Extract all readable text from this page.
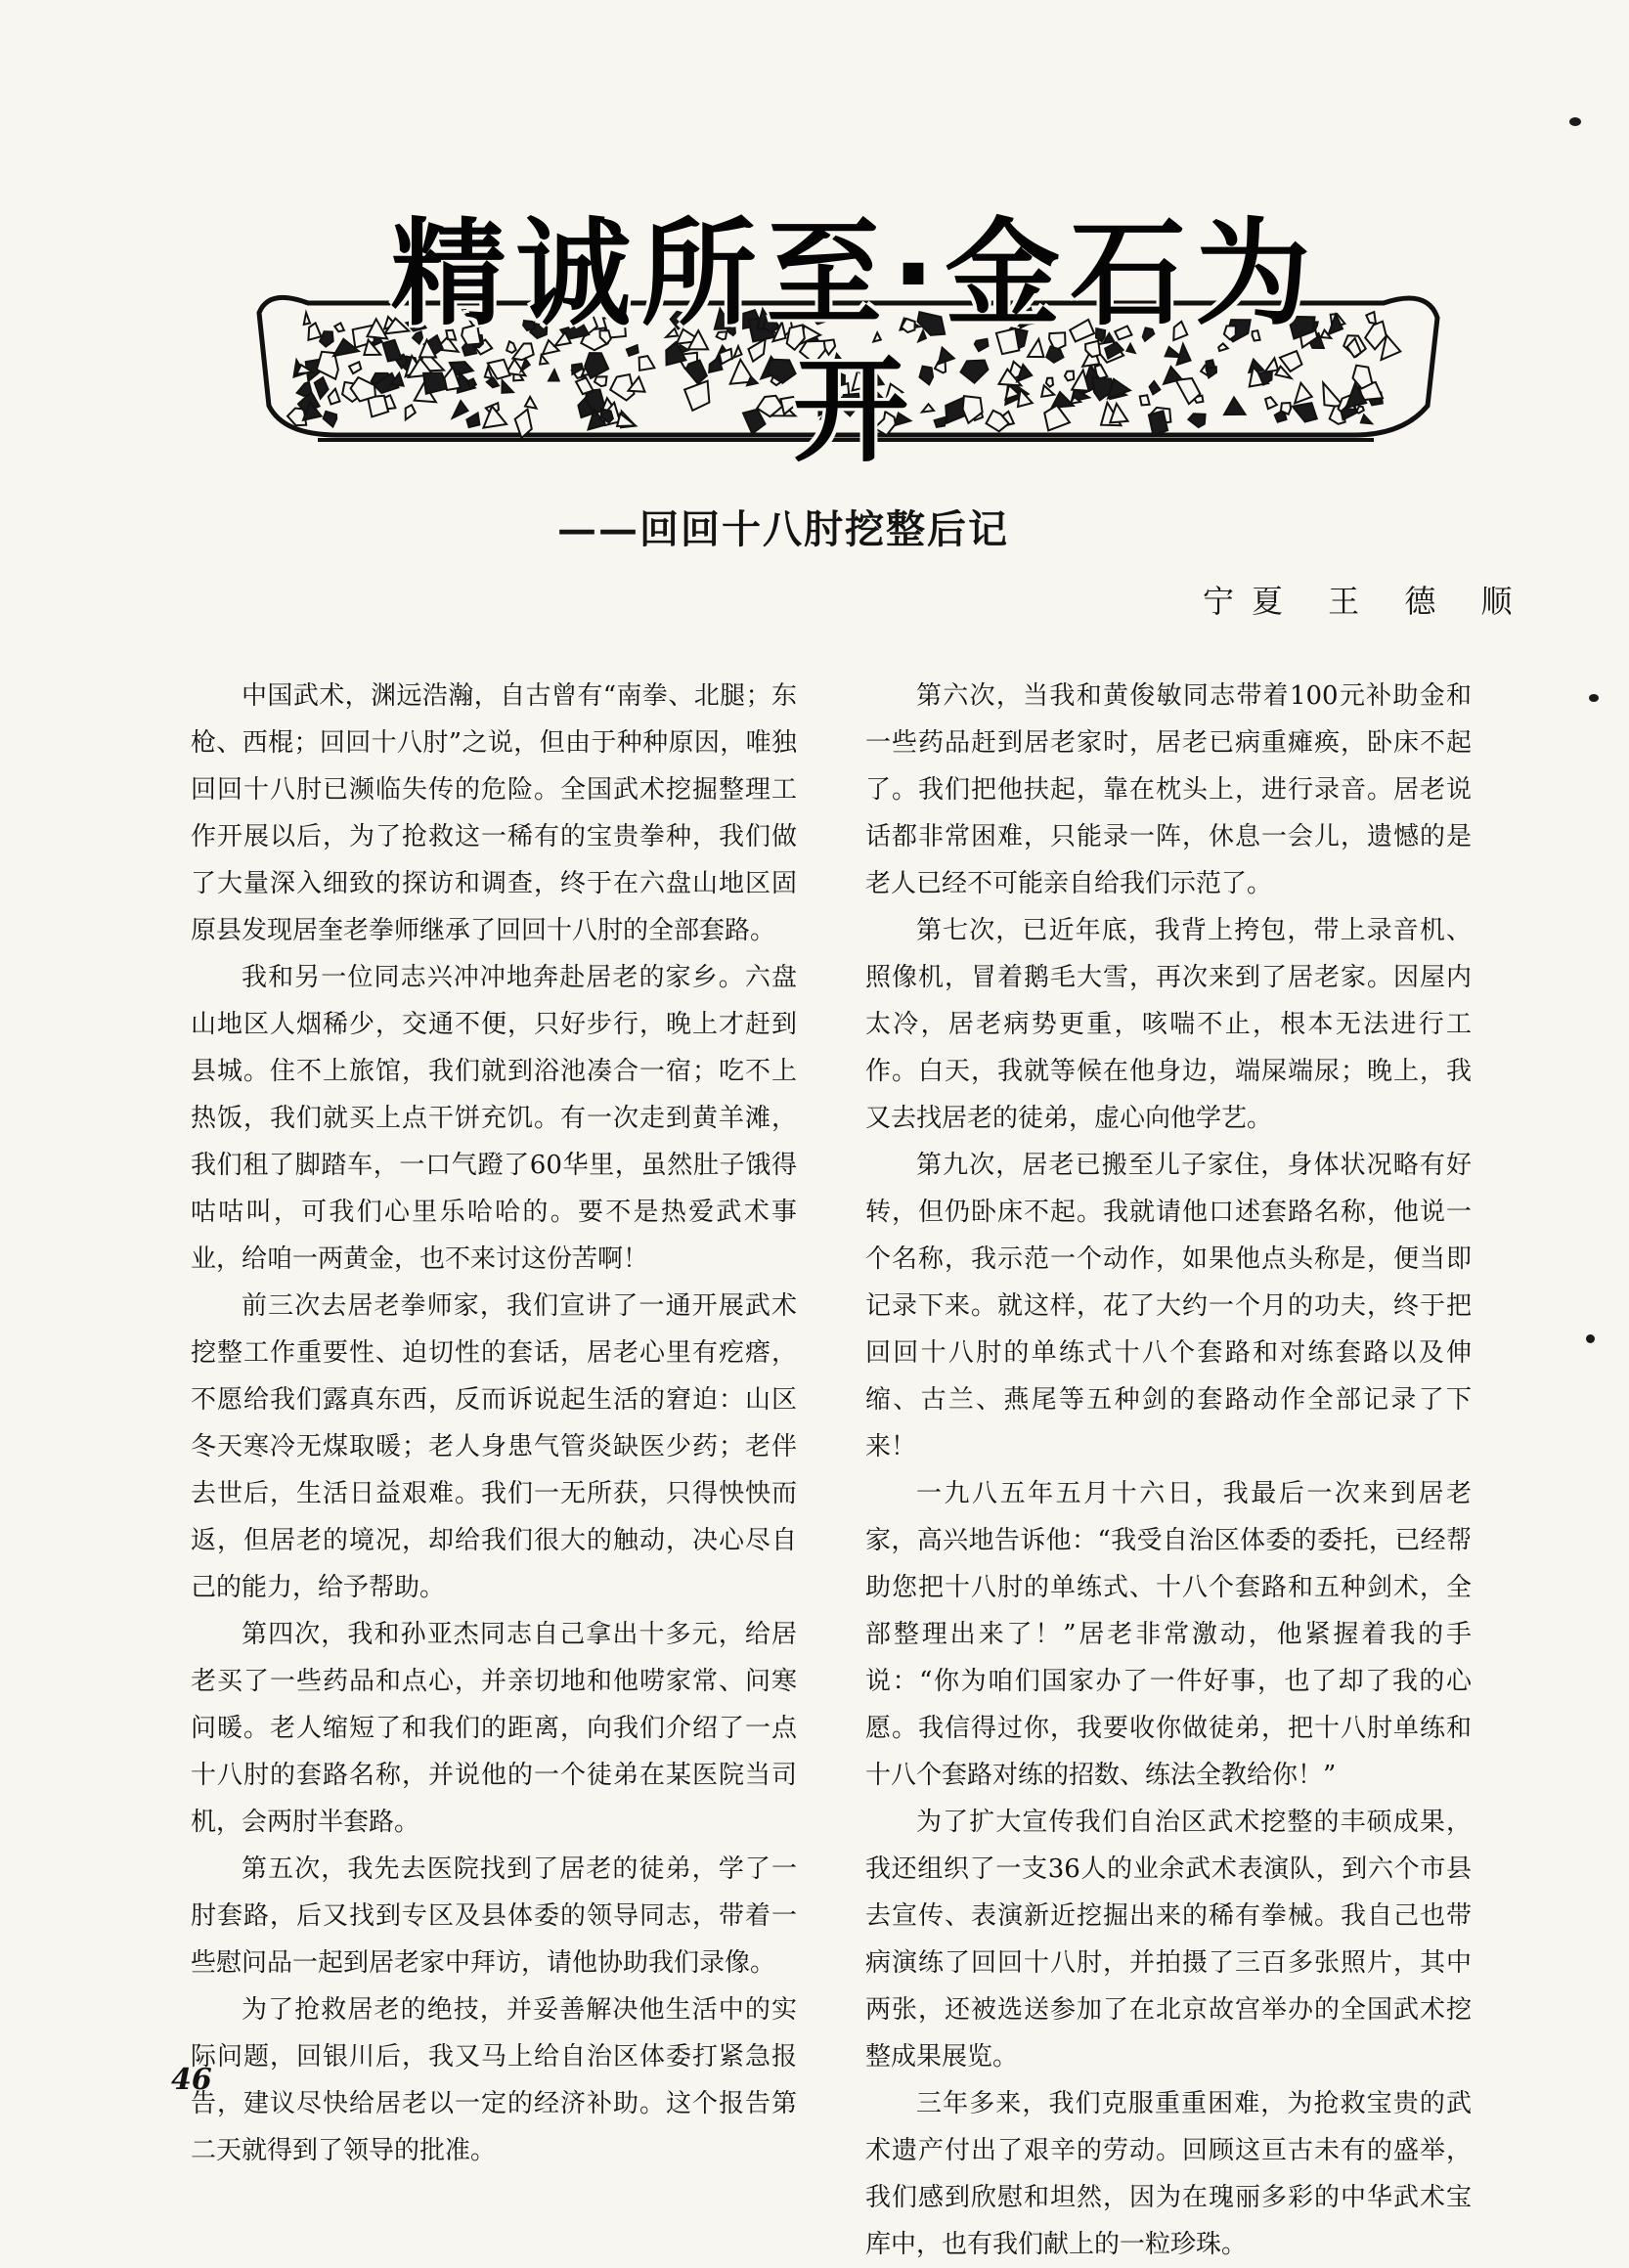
精诚所至·金石为开
——回回十八肘挖整后记
宁夏 王 德 顺

中国武术，渊远浩瀚，自古曾有“南拳、北腿；东枪、西棍；回回十八肘”之说，但由于种种原因，唯独回回十八肘已濒临失传的危险。全国武术挖掘整理工作开展以后，为了抢救这一稀有的宝贵拳种，我们做了大量深入细致的探访和调查，终于在六盘山地区固原县发现居奎老拳师继承了回回十八肘的全部套路。

我和另一位同志兴冲冲地奔赴居老的家乡。六盘山地区人烟稀少，交通不便，只好步行，晚上才赶到县城。住不上旅馆，我们就到浴池凑合一宿；吃不上热饭，我们就买上点干饼充饥。有一次走到黄羊滩，我们租了脚踏车，一口气蹬了60华里，虽然肚子饿得咕咕叫，可我们心里乐哈哈的。要不是热爱武术事业，给咱一两黄金，也不来讨这份苦啊！

前三次去居老拳师家，我们宣讲了一通开展武术挖整工作重要性、迫切性的套话，居老心里有疙瘩，不愿给我们露真东西，反而诉说起生活的窘迫：山区冬天寒冷无煤取暖；老人身患气管炎缺医少药；老伴去世后，生活日益艰难。我们一无所获，只得怏怏而返，但居老的境况，却给我们很大的触动，决心尽自己的能力，给予帮助。

第四次，我和孙亚杰同志自己拿出十多元，给居老买了一些药品和点心，并亲切地和他唠家常、问寒问暖。老人缩短了和我们的距离，向我们介绍了一点十八肘的套路名称，并说他的一个徒弟在某医院当司机，会两肘半套路。

第五次，我先去医院找到了居老的徒弟，学了一肘套路，后又找到专区及县体委的领导同志，带着一些慰问品一起到居老家中拜访，请他协助我们录像。

为了抢救居老的绝技，并妥善解决他生活中的实际问题，回银川后，我又马上给自治区体委打紧急报告，建议尽快给居老以一定的经济补助。这个报告第二天就得到了领导的批准。

第六次，当我和黄俊敏同志带着100元补助金和一些药品赶到居老家时，居老已病重瘫痪，卧床不起了。我们把他扶起，靠在枕头上，进行录音。居老说话都非常困难，只能录一阵，休息一会儿，遗憾的是老人已经不可能亲自给我们示范了。

第七次，已近年底，我背上挎包，带上录音机、照像机，冒着鹅毛大雪，再次来到了居老家。因屋内太冷，居老病势更重，咳喘不止，根本无法进行工作。白天，我就等候在他身边，端屎端尿；晚上，我又去找居老的徒弟，虚心向他学艺。

第九次，居老已搬至儿子家住，身体状况略有好转，但仍卧床不起。我就请他口述套路名称，他说一个名称，我示范一个动作，如果他点头称是，便当即记录下来。就这样，花了大约一个月的功夫，终于把回回十八肘的单练式十八个套路和对练套路以及伸缩、古兰、燕尾等五种剑的套路动作全部记录了下来！

一九八五年五月十六日，我最后一次来到居老家，高兴地告诉他：“我受自治区体委的委托，已经帮助您把十八肘的单练式、十八个套路和五种剑术，全部整理出来了！”居老非常激动，他紧握着我的手说：“你为咱们国家办了一件好事，也了却了我的心愿。我信得过你，我要收你做徒弟，把十八肘单练和十八个套路对练的招数、练法全教给你！”

为了扩大宣传我们自治区武术挖整的丰硕成果，我还组织了一支36人的业余武术表演队，到六个市县去宣传、表演新近挖掘出来的稀有拳械。我自己也带病演练了回回十八肘，并拍摄了三百多张照片，其中两张，还被选送参加了在北京故宫举办的全国武术挖整成果展览。

三年多来，我们克服重重困难，为抢救宝贵的武术遗产付出了艰辛的劳动。回顾这亘古未有的盛举，我们感到欣慰和坦然，因为在瑰丽多彩的中华武术宝库中，也有我们献上的一粒珍珠。

46
